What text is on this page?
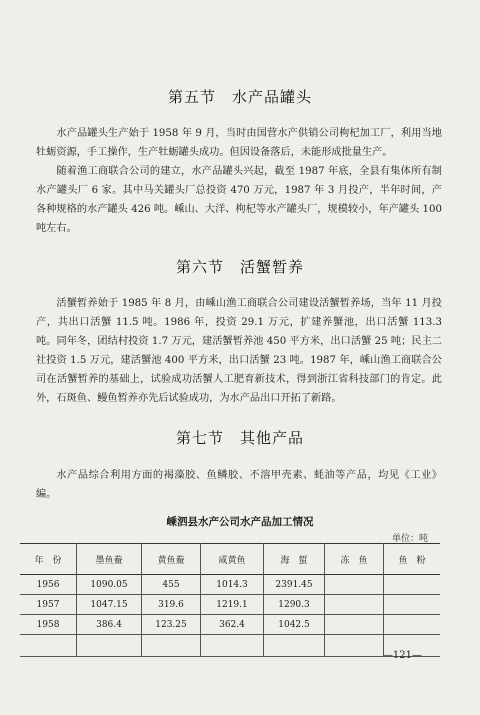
第五节　水产品罐头

水产品罐头生产始于 1958 年 9 月，当时由国营水产供销公司枸杞加工厂，利用当地牡蛎资源，手工操作，生产牡蛎罐头成功。但因设备落后，未能形成批量生产。

随着渔工商联合公司的建立，水产品罐头兴起，截至 1987 年底，全县有集体所有制水产罐头厂 6 家。其中马关罐头厂总投资 470 万元，1987 年 3 月投产，半年时间，产各种规格的水产罐头 426 吨。嵊山、大洋、枸杞等水产罐头厂，规模较小，年产罐头 100 吨左右。

第六节　活蟹暂养

活蟹暂养始于 1985 年 8 月，由嵊山渔工商联合公司建设活蟹暂养场，当年 11 月投产，共出口活蟹 11.5 吨。1986 年，投资 29.1 万元，扩建养蟹池，出口活蟹 113.3 吨。同年冬，团结村投资 1.7 万元，建活蟹暂养池 450 平方米，出口活蟹 25 吨；民主二社投资 1.5 万元，建活蟹池 400 平方米，出口活蟹 23 吨。1987 年，嵊山渔工商联合公司在活蟹暂养的基础上，试验成功活蟹人工肥育新技术，得到浙江省科技部门的肯定。此外，石斑鱼、鳗鱼暂养亦先后试验成功，为水产品出口开拓了新路。

第七节　其他产品

水产品综合利用方面的褐藻胶、鱼鳞胶、不溶甲壳素、蚝油等产品，均见《工业》编。

嵊泗县水产公司水产品加工情况
单位：吨
年　份	墨鱼鲞	黄鱼鲞	咸黄鱼	海　蜇	冻　鱼	鱼　粉
1956	1090.05	455	1014.3	2391.45		
1957	1047.15	319.6	1219.1	1290.3		
1958	386.4	123.25	362.4	1042.5		

—121—
